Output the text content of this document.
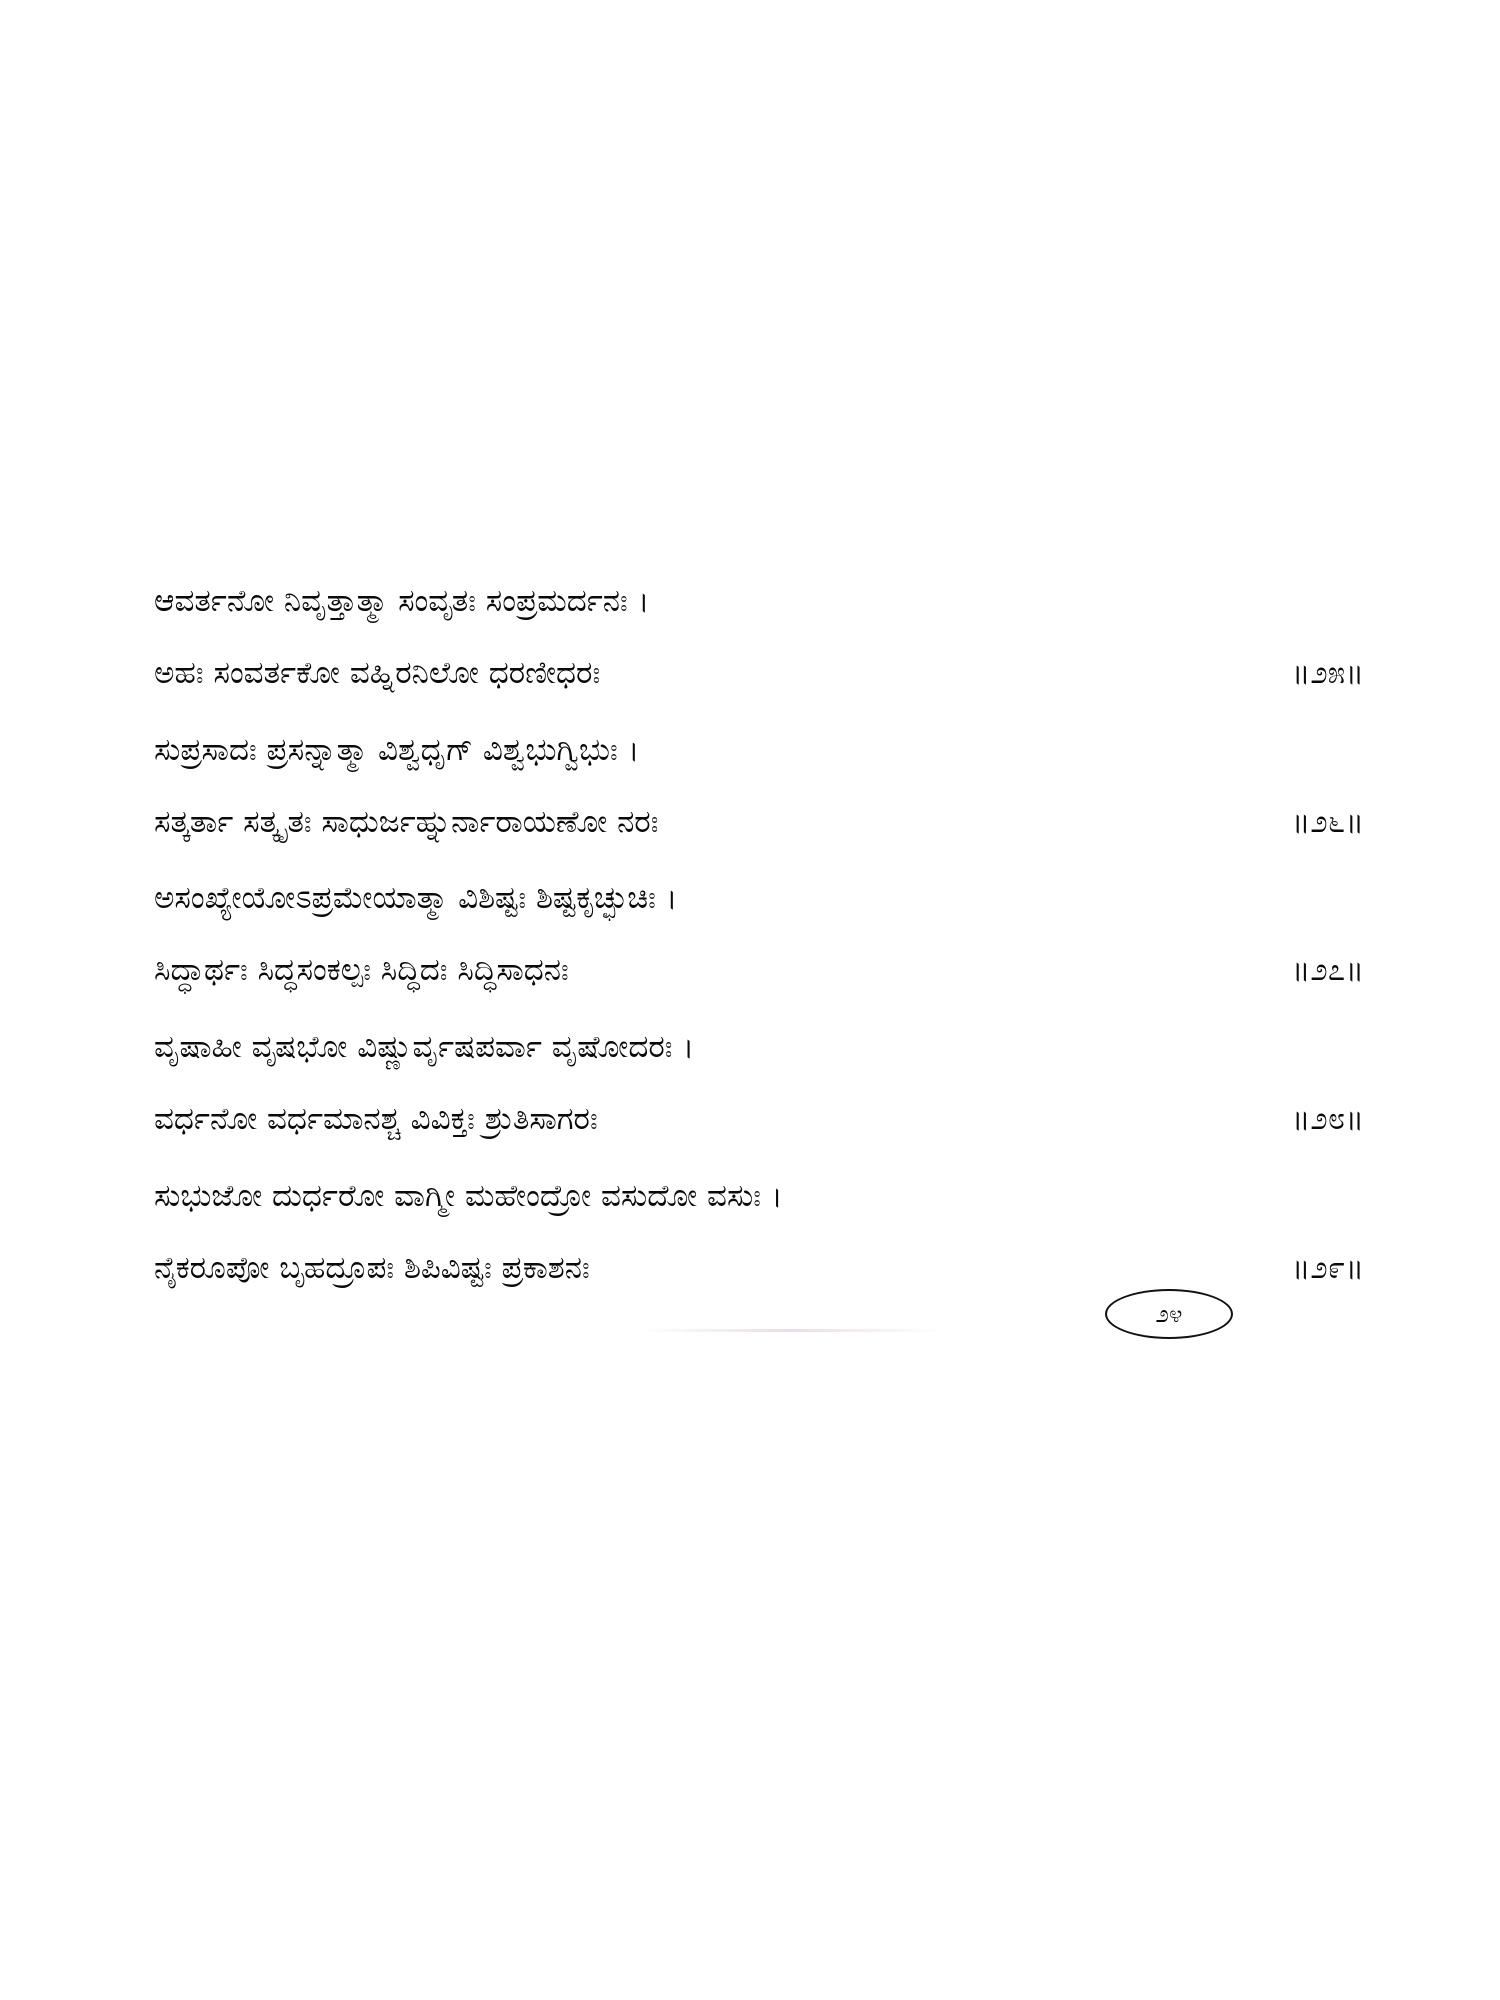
ಆವರ್ತನೋ ನಿವೃತ್ತಾತ್ಮಾ ಸಂವೃತಃ ಸಂಪ್ರಮರ್ದನಃ ।
ಅಹಃ ಸಂವರ್ತಕೋ ವಹ್ನಿರನಿಲೋ ಧರಣೀಧರಃ	॥೨೫॥
ಸುಪ್ರಸಾದಃ ಪ್ರಸನ್ನಾತ್ಮಾ ವಿಶ್ವಧೃಗ್ ವಿಶ್ವಭುಗ್ವಿಭುಃ ।
ಸತ್ಕರ್ತಾ ಸತ್ಕೃತಃ ಸಾಧುರ್ಜಹ್ನುರ್ನಾರಾಯಣೋ ನರಃ	॥೨೬॥
ಅಸಂಖ್ಯೇಯೋಽಪ್ರಮೇಯಾತ್ಮಾ ವಿಶಿಷ್ಟಃ ಶಿಷ್ಟಕೃಚ್ಛುಚಿಃ ।
ಸಿದ್ಧಾರ್ಥಃ ಸಿದ್ಧಸಂಕಲ್ಪಃ ಸಿದ್ಧಿದಃ ಸಿದ್ಧಿಸಾಧನಃ	॥೨೭॥
ವೃಷಾಹೀ ವೃಷಭೋ ವಿಷ್ಣುರ್ವೃಷಪರ್ವಾ ವೃಷೋದರಃ ।
ವರ್ಧನೋ ವರ್ಧಮಾನಶ್ಚ ವಿವಿಕ್ತಃ ಶ್ರುತಿಸಾಗರಃ	॥೨೮॥
ಸುಭುಜೋ ದುರ್ಧರೋ ವಾಗ್ಮೀ ಮಹೇಂದ್ರೋ ವಸುದೋ ವಸುಃ ।
ನೈಕರೂಪೋ ಬೃಹದ್ರೂಪಃ ಶಿಪಿವಿಷ್ಟಃ ಪ್ರಕಾಶನಃ	॥೨೯॥
೨೪
